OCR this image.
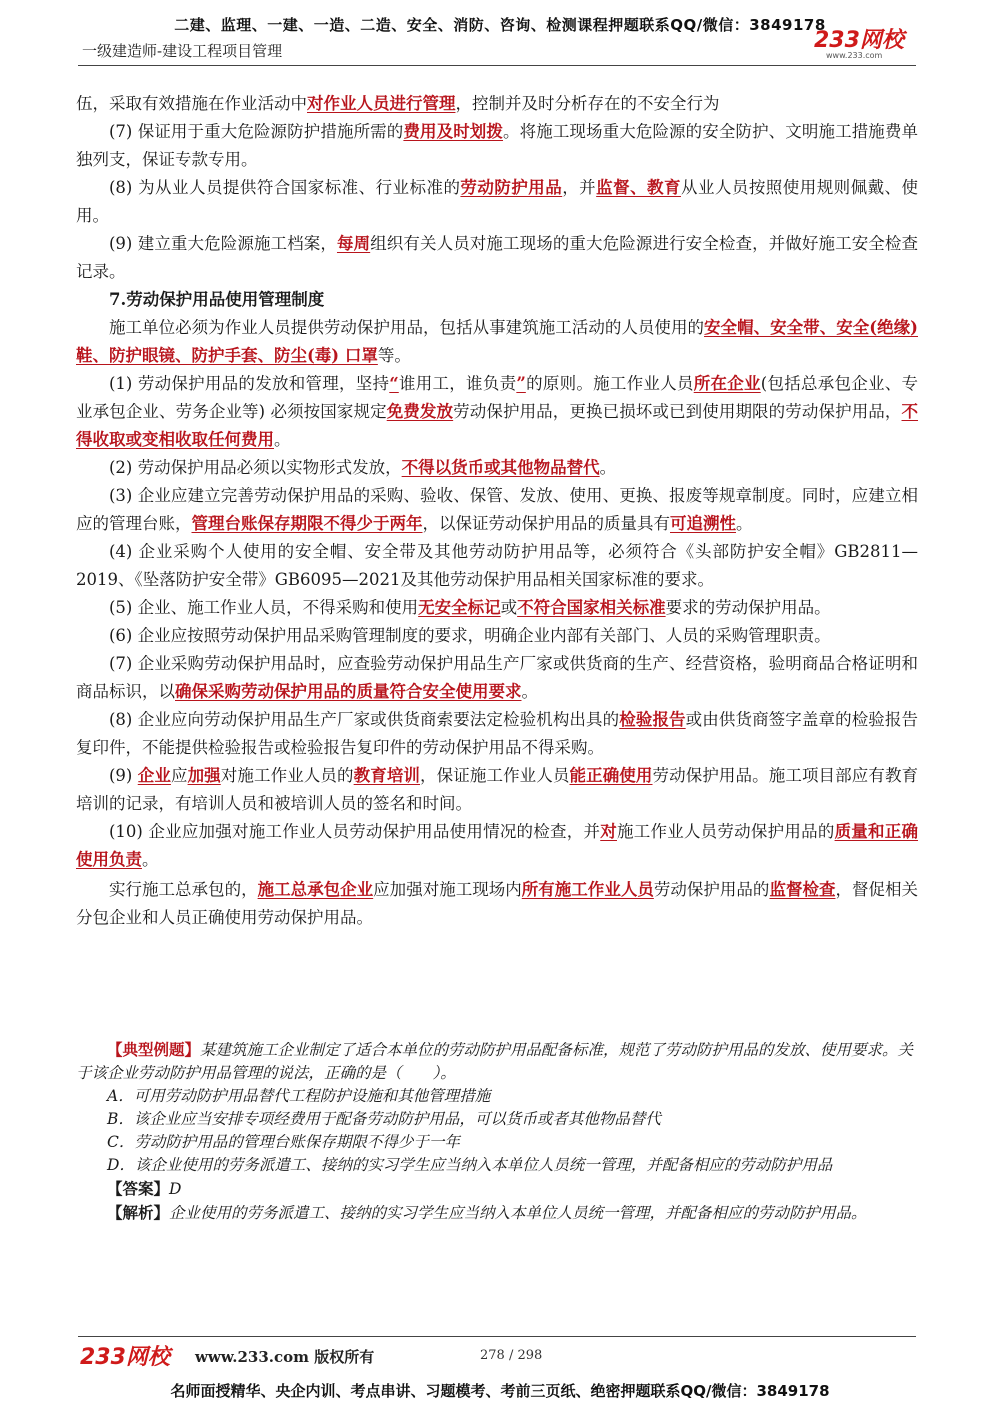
二建、监理、一建、一造、二造、安全、消防、咨询、检测课程押题联系QQ/微信：3849178
一级建造师-建设工程项目管理	233网校
www.233.com

伍，采取有效措施在作业活动中对作业人员进行管理，控制并及时分析存在的不安全行为

(7) 保证用于重大危险源防护措施所需的费用及时划拨。将施工现场重大危险源的安全防护、文明施工措施费单独列支，保证专款专用。

(8) 为从业人员提供符合国家标准、行业标准的劳动防护用品，并监督、教育从业人员按照使用规则佩戴、使用。

(9) 建立重大危险源施工档案，每周组织有关人员对施工现场的重大危险源进行安全检查，并做好施工安全检查记录。

7.劳动保护用品使用管理制度

施工单位必须为作业人员提供劳动保护用品，包括从事建筑施工活动的人员使用的安全帽、安全带、安全(绝缘) 鞋、防护眼镜、防护手套、防尘(毒) 口罩等。

(1) 劳动保护用品的发放和管理，坚持“谁用工，谁负责”的原则。施工作业人员所在企业(包括总承包企业、专业承包企业、劳务企业等) 必须按国家规定免费发放劳动保护用品，更换已损坏或已到使用期限的劳动保护用品，不得收取或变相收取任何费用。

(2) 劳动保护用品必须以实物形式发放，不得以货币或其他物品替代。

(3) 企业应建立完善劳动保护用品的采购、验收、保管、发放、使用、更换、报废等规章制度。同时，应建立相应的管理台账，管理台账保存期限不得少于两年，以保证劳动保护用品的质量具有可追溯性。

(4) 企业采购个人使用的安全帽、安全带及其他劳动防护用品等，必须符合《头部防护安全帽》GB2811—2019、《坠落防护安全带》GB6095—2021及其他劳动保护用品相关国家标准的要求。

(5) 企业、施工作业人员，不得采购和使用无安全标记或不符合国家相关标准要求的劳动保护用品。

(6) 企业应按照劳动保护用品采购管理制度的要求，明确企业内部有关部门、人员的采购管理职责。

(7) 企业采购劳动保护用品时，应查验劳动保护用品生产厂家或供货商的生产、经营资格，验明商品合格证明和商品标识，以确保采购劳动保护用品的质量符合安全使用要求。

(8) 企业应向劳动保护用品生产厂家或供货商索要法定检验机构出具的检验报告或由供货商签字盖章的检验报告复印件，不能提供检验报告或检验报告复印件的劳动保护用品不得采购。

(9) 企业应加强对施工作业人员的教育培训，保证施工作业人员能正确使用劳动保护用品。施工项目部应有教育培训的记录，有培训人员和被培训人员的签名和时间。

(10) 企业应加强对施工作业人员劳动保护用品使用情况的检查，并对施工作业人员劳动保护用品的质量和正确使用负责。

实行施工总承包的，施工总承包企业应加强对施工现场内所有施工作业人员劳动保护用品的监督检查，督促相关分包企业和人员正确使用劳动保护用品。

【典型例题】某建筑施工企业制定了适合本单位的劳动防护用品配备标准，规范了劳动防护用品的发放、使用要求。关于该企业劳动防护用品管理的说法，正确的是（　　）。

A．可用劳动防护用品替代工程防护设施和其他管理措施

B．该企业应当安排专项经费用于配备劳动防护用品，可以货币或者其他物品替代

C．劳动防护用品的管理台账保存期限不得少于一年

D．该企业使用的劳务派遣工、接纳的实习学生应当纳入本单位人员统一管理，并配备相应的劳动防护用品

【答案】D

【解析】企业使用的劳务派遣工、接纳的实习学生应当纳入本单位人员统一管理，并配备相应的劳动防护用品。

233网校 www.233.com 版权所有	278 / 298
名师面授精华、央企内训、考点串讲、习题模考、考前三页纸、绝密押题联系QQ/微信：3849178
